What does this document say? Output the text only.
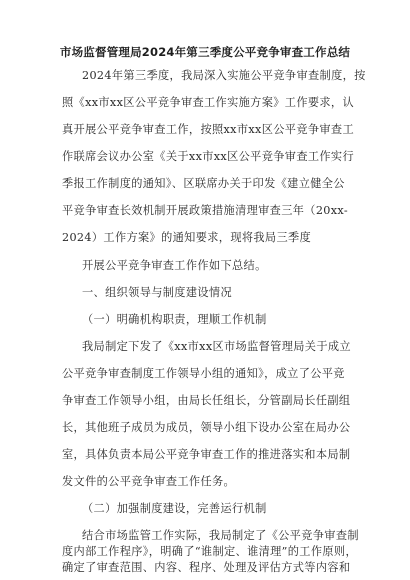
市场监督管理局2024年第三季度公平竞争审查工作总结
2024年第三季度，我局深入实施公平竞争审查制度，按
照《xx市xx区公平竞争审查工作实施方案》工作要求，认
真开展公平竞争审查工作，按照xx市xx区公平竞争审查工
作联席会议办公室《关于xx市xx区公平竞争审查工作实行
季报工作制度的通知》、区联席办关于印发《建立健全公
平竞争审查长效机制开展政策措施清理审查三年（20xx-
2024）工作方案》的通知要求，现将我局三季度
开展公平竞争审查工作作如下总结。
一、组织领导与制度建设情况
（一）明确机构职责，理顺工作机制
我局制定下发了《xx市xx区市场监督管理局关于成立
公平竞争审查制度工作领导小组的通知》，成立了公平竞
争审查工作领导小组，由局长任组长，分管副局长任副组
长，其他班子成员为成员，领导小组下设办公室在局办公
室，具体负责本局公平竞争审查工作的推进落实和本局制
发文件的公平竞争审查工作任务。
（二）加强制度建设，完善运行机制
结合市场监管工作实际，我局制定了《公平竞争审查制
度内部工作程序》，明确了“谁制定、谁清理”的工作原则，
确定了审查范围、内容、程序、处理及评估方式等内容和
